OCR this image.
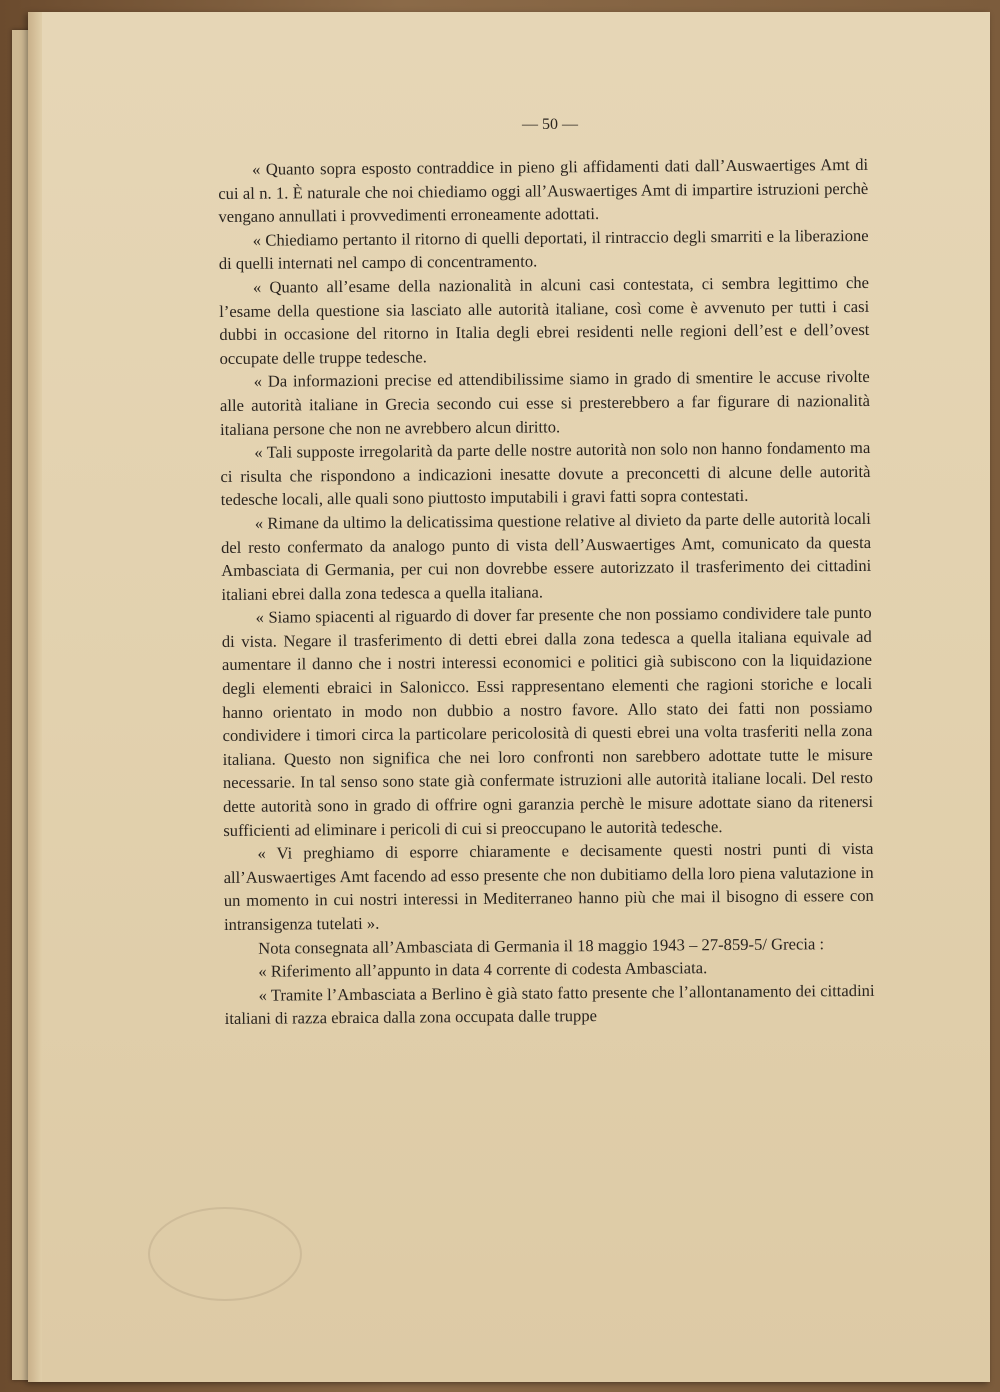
— 50 —

« Quanto sopra esposto contraddice in pieno gli affidamenti dati dall’Auswaertiges Amt di cui al n. 1. È naturale che noi chiediamo oggi all’Auswaertiges Amt di impartire istruzioni perchè vengano annullati i provvedimenti erroneamente adottati.

« Chiediamo pertanto il ritorno di quelli deportati, il rintraccio degli smarriti e la liberazione di quelli internati nel campo di concentramento.

« Quanto all’esame della nazionalità in alcuni casi contestata, ci sembra legittimo che l’esame della questione sia lasciato alle autorità italiane, così come è avvenuto per tutti i casi dubbi in occasione del ritorno in Italia degli ebrei residenti nelle regioni dell’est e dell’ovest occupate delle truppe tedesche.

« Da informazioni precise ed attendibilissime siamo in grado di smentire le accuse rivolte alle autorità italiane in Grecia secondo cui esse si presterebbero a far figurare di nazionalità italiana persone che non ne avrebbero alcun diritto.

« Tali supposte irregolarità da parte delle nostre autorità non solo non hanno fondamento ma ci risulta che rispondono a indicazioni inesatte dovute a preconcetti di alcune delle autorità tedesche locali, alle quali sono piuttosto imputabili i gravi fatti sopra contestati.

« Rimane da ultimo la delicatissima questione relative al divieto da parte delle autorità locali del resto confermato da analogo punto di vista dell’Auswaertiges Amt, comunicato da questa Ambasciata di Germania, per cui non dovrebbe essere autorizzato il trasferimento dei cittadini italiani ebrei dalla zona tedesca a quella italiana.

« Siamo spiacenti al riguardo di dover far presente che non possiamo condividere tale punto di vista. Negare il trasferimento di detti ebrei dalla zona tedesca a quella italiana equivale ad aumentare il danno che i nostri interessi economici e politici già subiscono con la liquidazione degli elementi ebraici in Salonicco. Essi rappresentano elementi che ragioni storiche e locali hanno orientato in modo non dubbio a nostro favore. Allo stato dei fatti non possiamo condividere i timori circa la particolare pericolosità di questi ebrei una volta trasferiti nella zona italiana. Questo non significa che nei loro confronti non sarebbero adottate tutte le misure necessarie. In tal senso sono state già confermate istruzioni alle autorità italiane locali. Del resto dette autorità sono in grado di offrire ogni garanzia perchè le misure adottate siano da ritenersi sufficienti ad eliminare i pericoli di cui si preoccupano le autorità tedesche.

« Vi preghiamo di esporre chiaramente e decisamente questi nostri punti di vista all’Auswaertiges Amt facendo ad esso presente che non dubitiamo della loro piena valutazione in un momento in cui nostri interessi in Mediterraneo hanno più che mai il bisogno di essere con intransigenza tutelati ».

Nota consegnata all’Ambasciata di Germania il 18 maggio 1943 – 27-859-5/ Grecia :

« Riferimento all’appunto in data 4 corrente di codesta Ambasciata.

« Tramite l’Ambasciata a Berlino è già stato fatto presente che l’allontanamento dei cittadini italiani di razza ebraica dalla zona occupata dalle truppe
